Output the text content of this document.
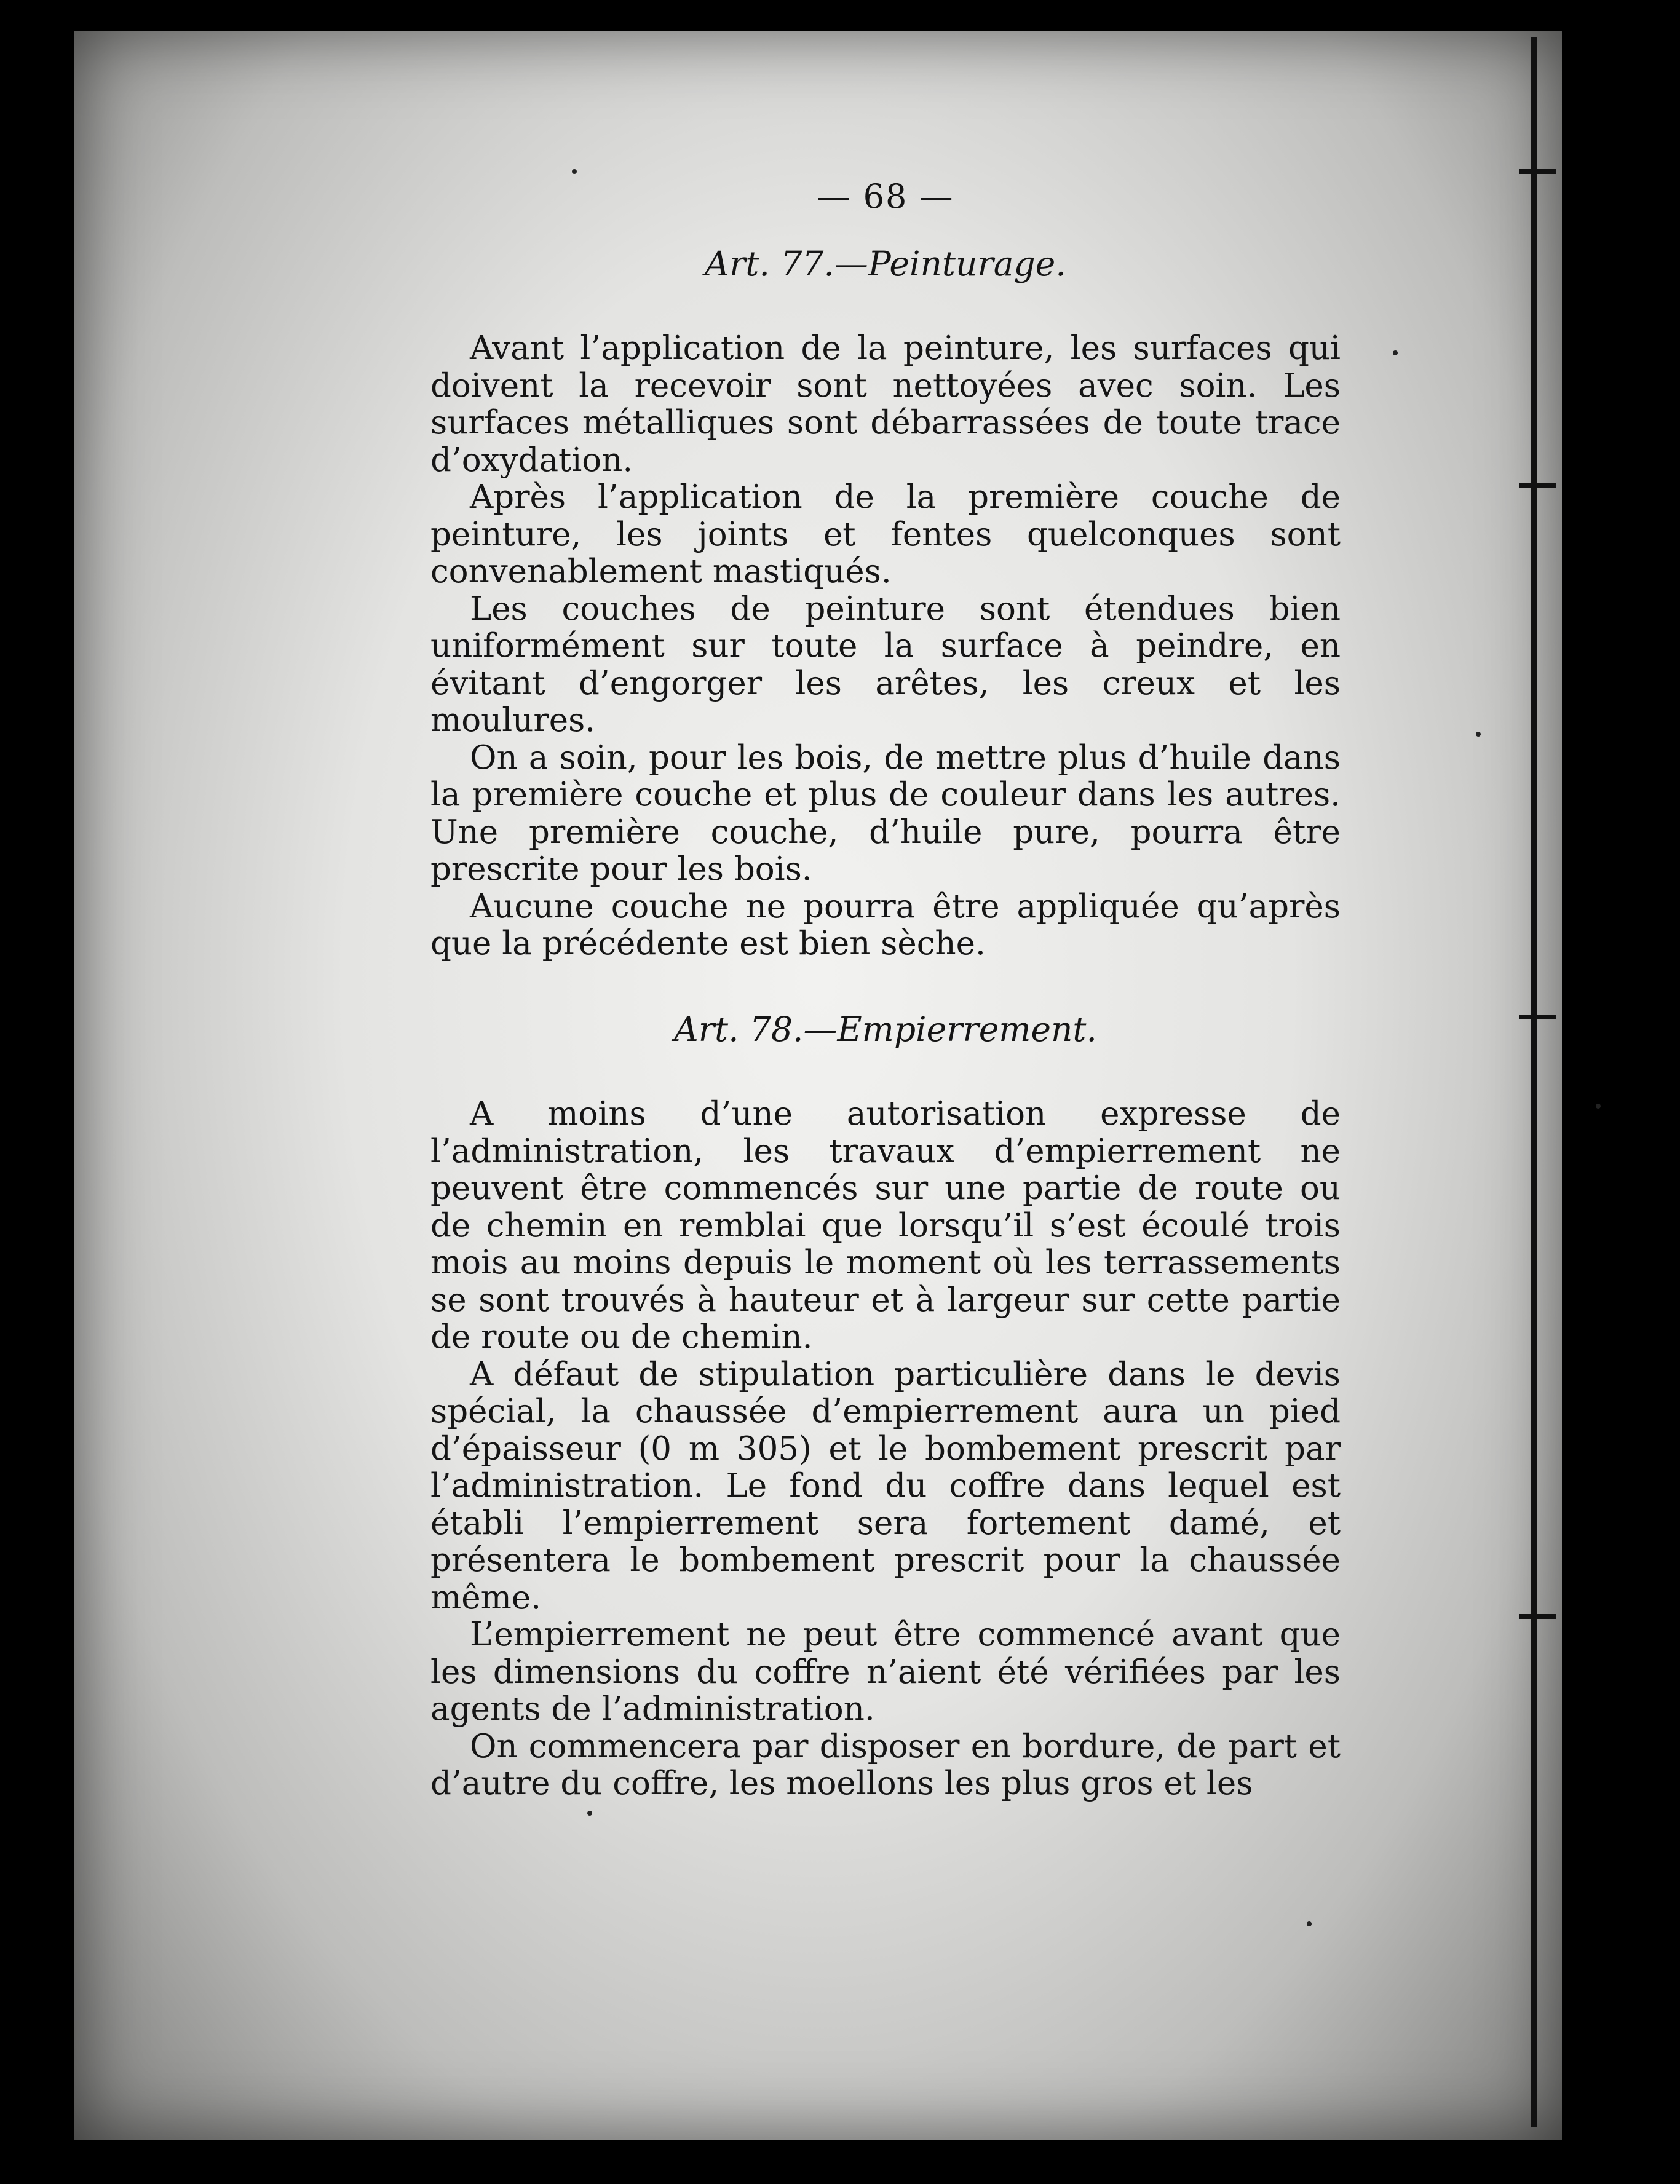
— 68 —
Art. 77.—Peinturage.

Avant l’application de la peinture, les surfaces qui doivent la recevoir sont nettoyées avec soin. Les surfaces métalliques sont débarrassées de toute trace d’oxydation.

Après l’application de la première couche de peinture, les joints et fentes quelconques sont convenablement mastiqués.

Les couches de peinture sont étendues bien uniformément sur toute la surface à peindre, en évitant d’engorger les arêtes, les creux et les moulures.

On a soin, pour les bois, de mettre plus d’huile dans la première couche et plus de couleur dans les autres. Une première couche, d’huile pure, pourra être prescrite pour les bois.

Aucune couche ne pourra être appliquée qu’après que la précédente est bien sèche.

Art. 78.—Empierrement.

A moins d’une autorisation expresse de l’administration, les travaux d’empierrement ne peuvent être commencés sur une partie de route ou de chemin en remblai que lorsqu’il s’est écoulé trois mois au moins depuis le moment où les terrassements se sont trouvés à hauteur et à largeur sur cette partie de route ou de chemin.

A défaut de stipulation particulière dans le devis spécial, la chaussée d’empierrement aura un pied d’épaisseur (0 m 305) et le bombement prescrit par l’administration. Le fond du coffre dans lequel est établi l’empierrement sera fortement damé, et présentera le bombement prescrit pour la chaussée même.

L’empierrement ne peut être commencé avant que les dimensions du coffre n’aient été vérifiées par les agents de l’administration.

On commencera par disposer en bordure, de part et d’autre du coffre, les moellons les plus gros et les
